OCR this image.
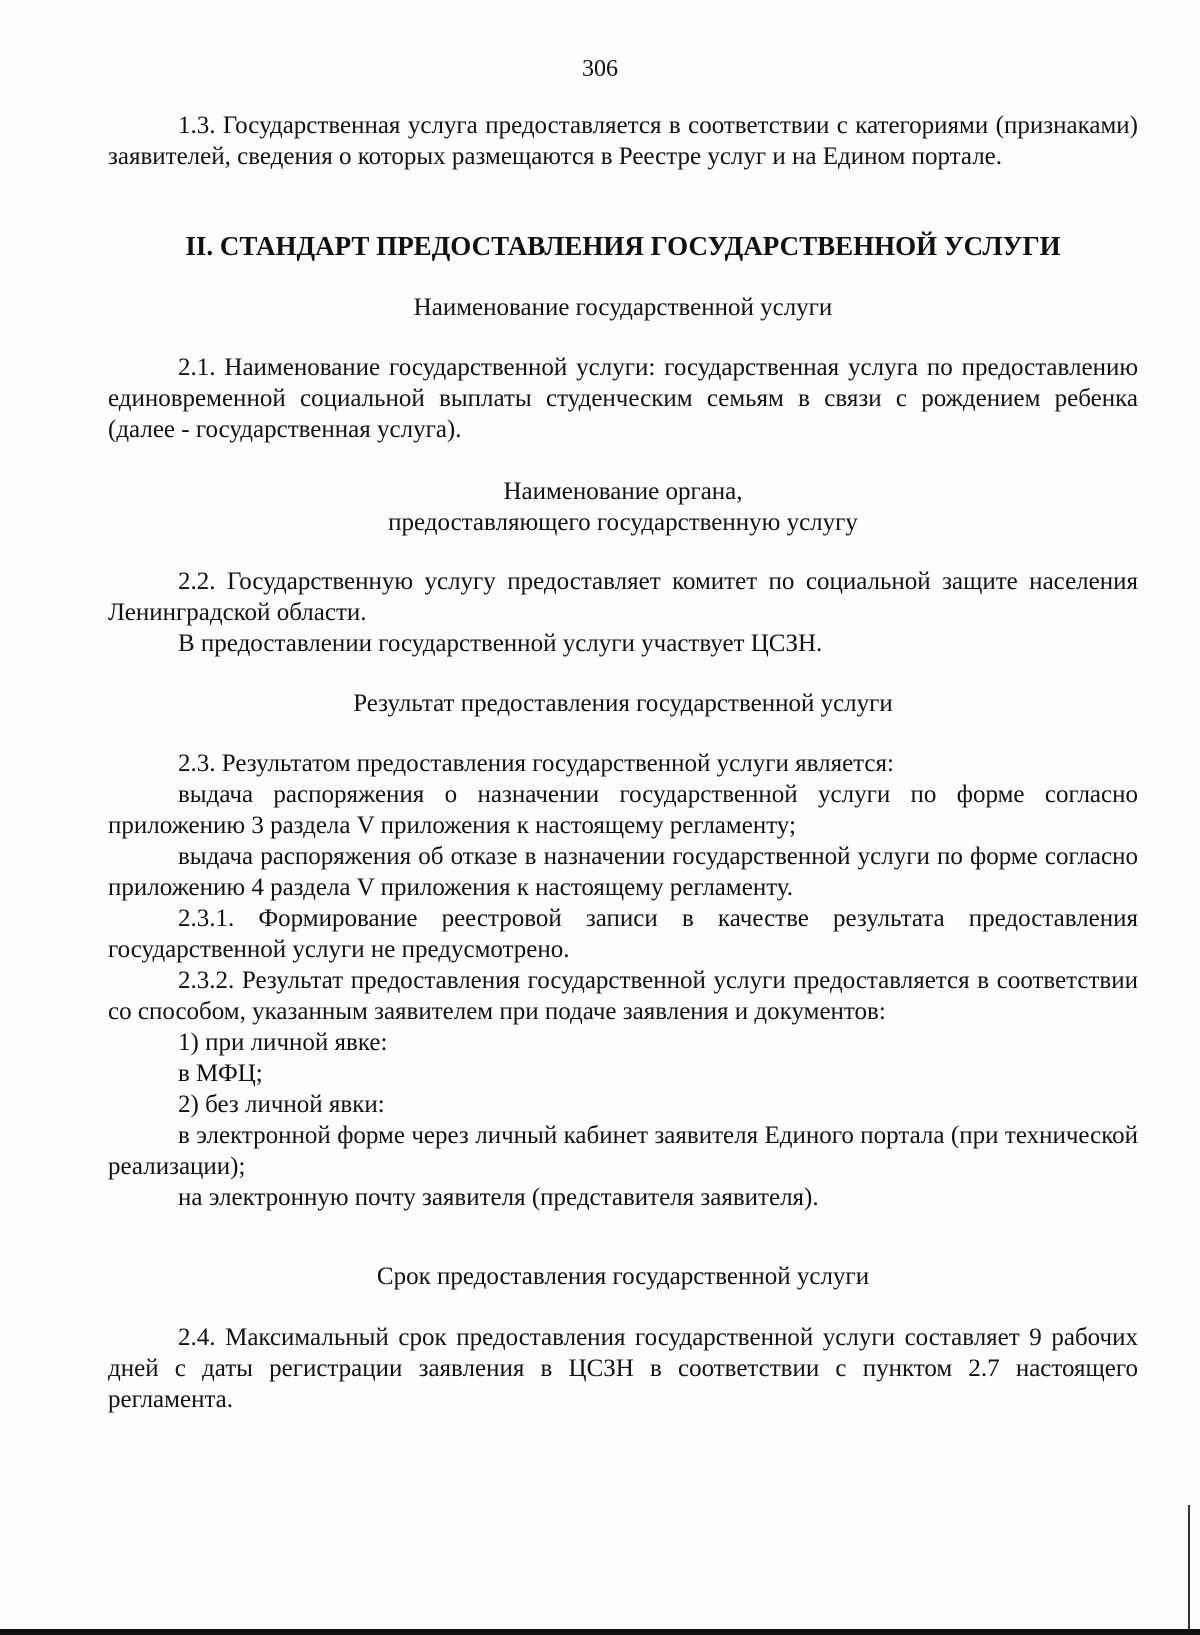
306

1.3. Государственная услуга предоставляется в соответствии с категориями (признаками) заявителей, сведения о которых размещаются в Реестре услуг и на Едином портале.

II. СТАНДАРТ ПРЕДОСТАВЛЕНИЯ ГОСУДАРСТВЕННОЙ УСЛУГИ
Наименование государственной услуги

2.1. Наименование государственной услуги: государственная услуга по предоставлению единовременной социальной выплаты студенческим семьям в связи с рождением ребенка (далее - государственная услуга).

Наименование органа,
предоставляющего государственную услугу

2.2. Государственную услугу предоставляет комитет по социальной защите населения Ленинградской области.

В предоставлении государственной услуги участвует ЦСЗН.

Результат предоставления государственной услуги

2.3. Результатом предоставления государственной услуги является:

выдача распоряжения о назначении государственной услуги по форме согласно приложению 3 раздела V приложения к настоящему регламенту;

выдача распоряжения об отказе в назначении государственной услуги по форме согласно приложению 4 раздела V приложения к настоящему регламенту.

2.3.1. Формирование реестровой записи в качестве результата предоставления государственной услуги не предусмотрено.

2.3.2. Результат предоставления государственной услуги предоставляется в соответствии со способом, указанным заявителем при подаче заявления и документов:

1) при личной явке:

в МФЦ;

2) без личной явки:

в электронной форме через личный кабинет заявителя Единого портала (при технической реализации);

на электронную почту заявителя (представителя заявителя).

Срок предоставления государственной услуги

2.4. Максимальный срок предоставления государственной услуги составляет 9 рабочих дней с даты регистрации заявления в ЦСЗН в соответствии с пунктом 2.7 настоящего регламента.
